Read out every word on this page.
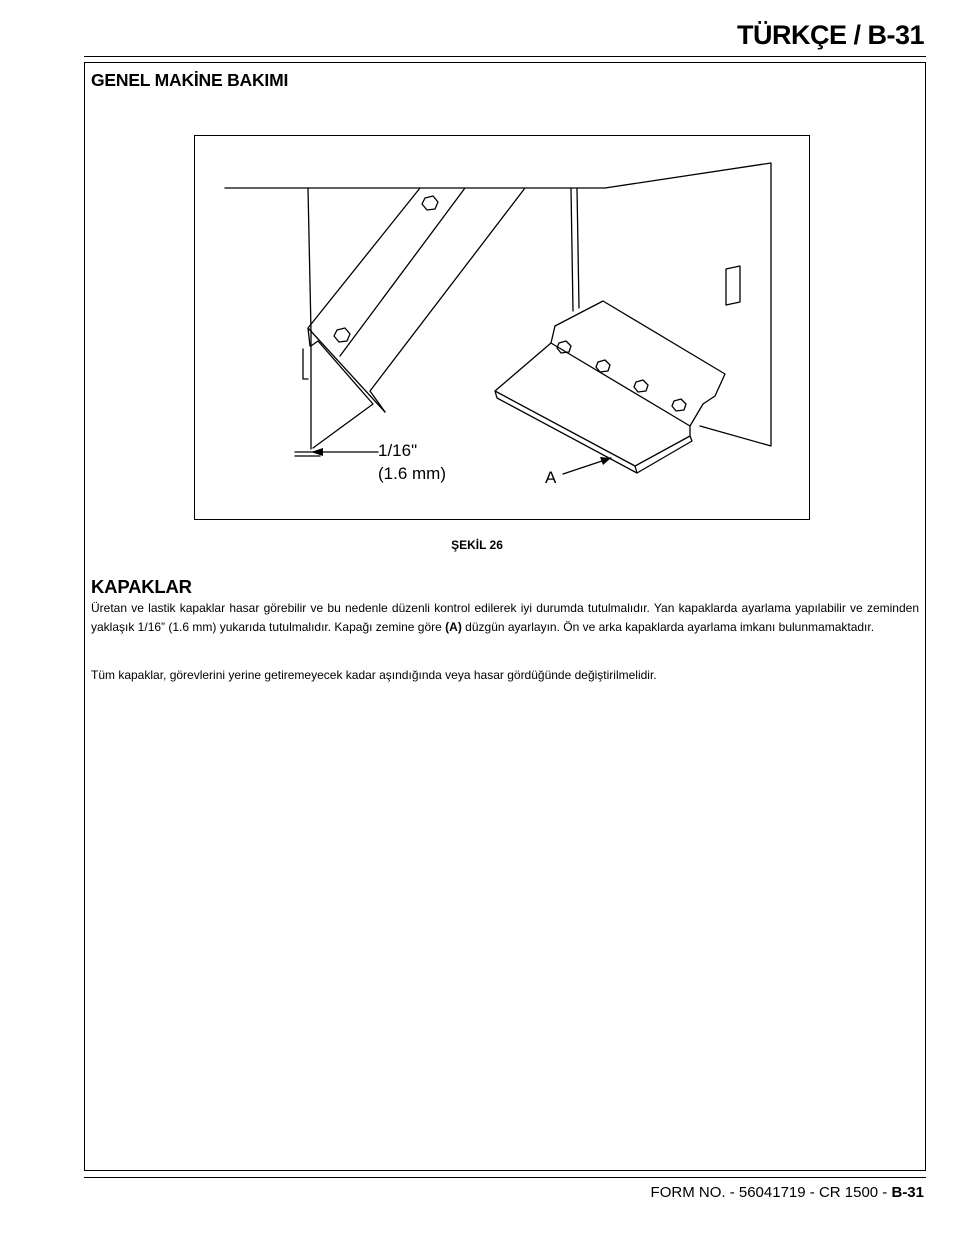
TÜRKÇE / B-31
GENEL MAKİNE BAKIMI
1/16"
(1.6 mm)	A
ŞEKİL 26
KAPAKLAR
Üretan ve lastik kapaklar hasar görebilir ve bu nedenle düzenli kontrol edilerek iyi durumda tutulmalıdır. Yan kapaklarda ayarlama yapılabilir ve zeminden yaklaşık 1/16” (1.6 mm) yukarıda tutulmalıdır. Kapağı zemine göre (A) düzgün ayarlayın. Ön ve arka kapaklarda ayarlama imkanı bulunmamaktadır.
Tüm kapaklar, görevlerini yerine getiremeyecek kadar aşındığında veya hasar gördüğünde değiştirilmelidir.
FORM NO. - 56041719 - CR 1500 - B-31
